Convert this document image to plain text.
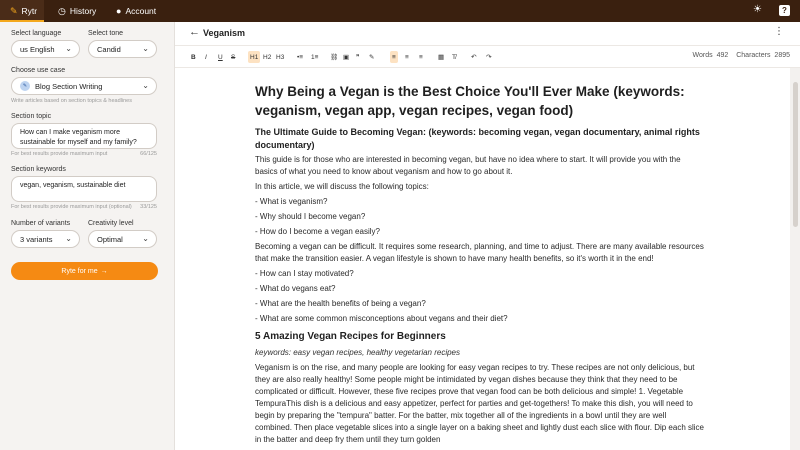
✎ Rytr ◷ History ● Account	☀	?
Select language
us English ⌄
Select tone
Candid	⌄
Choose use case
✎	Blog Section Writing	⌄
Write articles based on section topics & headlines
Section topic
How can I make veganism more sustainable for myself and my family?
For best results provide maximum input	66/125
Section keywords
vegan, veganism, sustainable diet
For best results provide maximum input (optional)	33/125
Number of variants
3 variants ⌄
Creativity level
Optimal ⌄
Ryte for me →
← Veganism	⋮
B I U S	H1 H2 H3 •≡ 1≡ ⛓ ▣ ❞ ✎	≡	≡ ≡ ▦ T̸ ↶ ↷	Words 492 Characters 2895
Why Being a Vegan is the Best Choice You'll Ever Make (keywords: veganism, vegan app, vegan recipes, vegan food)
The Ultimate Guide to Becoming Vegan: (keywords: becoming vegan, vegan documentary, animal rights documentary)
This guide is for those who are interested in becoming vegan, but have no idea where to start. It will provide you with the basics of what you need to know about veganism and how to go about it.
In this article, we will discuss the following topics:
- What is veganism?
- Why should I become vegan?
- How do I become a vegan easily?
Becoming a vegan can be difficult. It requires some research, planning, and time to adjust. There are many available resources that make the transition easier. A vegan lifestyle is shown to have many health benefits, so it's worth it in the end!
- How can I stay motivated?
- What do vegans eat?
- What are the health benefits of being a vegan?
- What are some common misconceptions about vegans and their diet?
5 Amazing Vegan Recipes for Beginners
keywords: easy vegan recipes, healthy vegetarian recipes
Veganism is on the rise, and many people are looking for easy vegan recipes to try. These recipes are not only delicious, but they are also really healthy! Some people might be intimidated by vegan dishes because they think that they need to be complicated or difficult. However, these five recipes prove that vegan food can be both delicious and simple! 1. Vegetable TempuraThis dish is a delicious and easy appetizer, perfect for parties and get-togethers! To make this dish, you will need to begin by preparing the "tempura" batter. For the batter, mix together all of the ingredients in a bowl until they are well combined. Then place vegetable slices into a single layer on a baking sheet and lightly dust each slice with flour. Dip each slice in the batter and deep fry them until they turn golden
